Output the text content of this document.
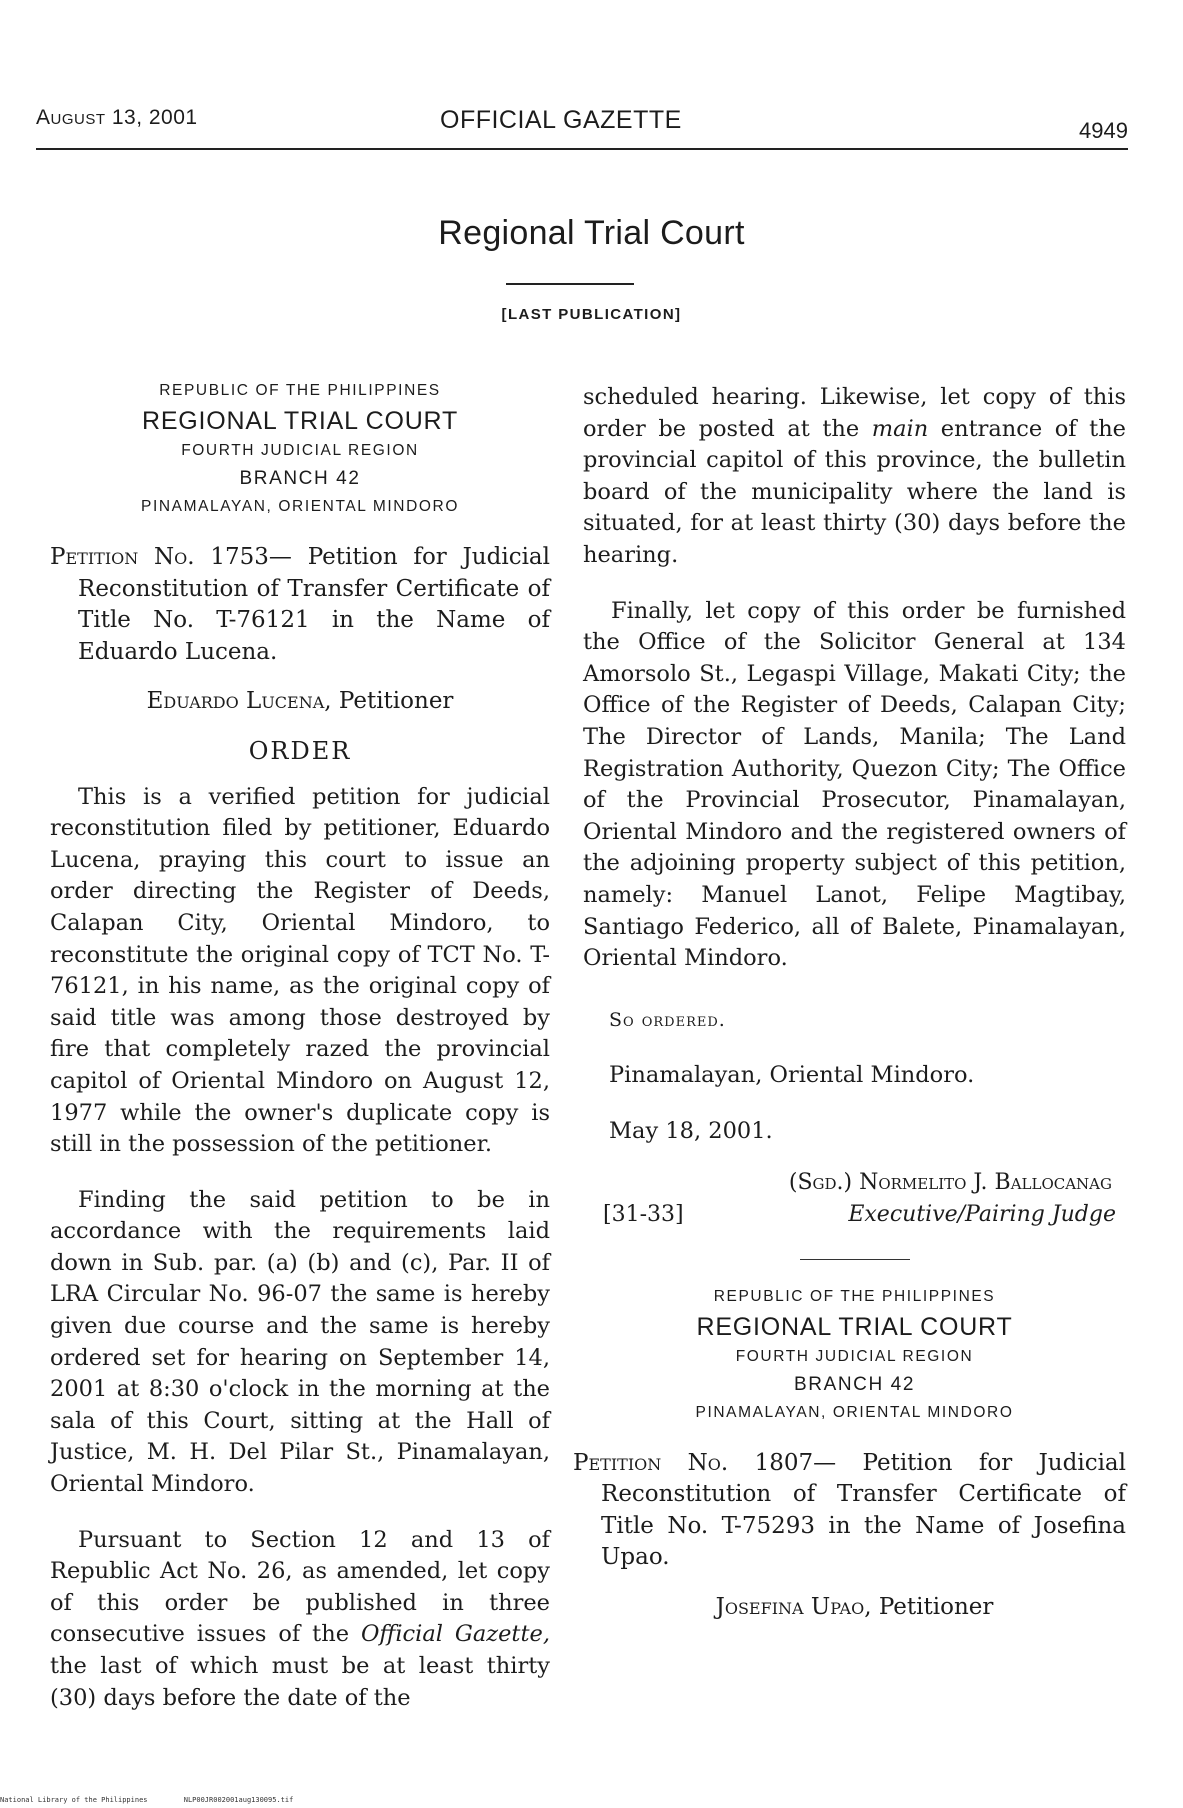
August 13, 2001	OFFICIAL GAZETTE	4949
Regional Trial Court
[LAST PUBLICATION]
REPUBLIC OF THE PHILIPPINES
REGIONAL TRIAL COURT
FOURTH JUDICIAL REGION
BRANCH 42
PINAMALAYAN, ORIENTAL MINDORO
Petition No. 1753— Petition for Judicial Reconstitution of Transfer Certificate of Title No. T-76121 in the Name of Eduardo Lucena.
Eduardo Lucena, Petitioner
ORDER

This is a verified petition for judicial reconstitution filed by petitioner, Eduardo Lucena, praying this court to issue an order directing the Register of Deeds, Calapan City, Oriental Mindoro, to reconstitute the original copy of TCT No. T-76121, in his name, as the original copy of said title was among those destroyed by fire that completely razed the provincial capitol of Oriental Mindoro on August 12, 1977 while the owner's duplicate copy is still in the possession of the petitioner.

Finding the said petition to be in accordance with the requirements laid down in Sub. par. (a) (b) and (c), Par. II of LRA Circular No. 96-07 the same is hereby given due course and the same is hereby ordered set for hearing on September 14, 2001 at 8:30 o'clock in the morning at the sala of this Court, sitting at the Hall of Justice, M. H. Del Pilar St., Pinamalayan, Oriental Mindoro.

Pursuant to Section 12 and 13 of Republic Act No. 26, as amended, let copy of this order be published in three consecutive issues of the Official Gazette, the last of which must be at least thirty (30) days before the date of the

scheduled hearing. Likewise, let copy of this order be posted at the main entrance of the provincial capitol of this province, the bulletin board of the municipality where the land is situated, for at least thirty (30) days before the hearing.

Finally, let copy of this order be furnished the Office of the Solicitor General at 134 Amorsolo St., Legaspi Village, Makati City; the Office of the Register of Deeds, Calapan City; The Director of Lands, Manila; The Land Registration Authority, Quezon City; The Office of the Provincial Prosecutor, Pinamalayan, Oriental Mindoro and the registered owners of the adjoining property subject of this petition, namely: Manuel Lanot, Felipe Magtibay, Santiago Federico, all of Balete, Pinamalayan, Oriental Mindoro.

So ordered.

Pinamalayan, Oriental Mindoro.

May 18, 2001.

(Sgd.) Normelito J. Ballocanag
[31-33]	Executive/Pairing Judge
REPUBLIC OF THE PHILIPPINES
REGIONAL TRIAL COURT
FOURTH JUDICIAL REGION
BRANCH 42
PINAMALAYAN, ORIENTAL MINDORO
Petition No. 1807— Petition for Judicial Reconstitution of Transfer Certificate of Title No. T-75293 in the Name of Josefina Upao.
Josefina Upao, Petitioner
National Library of the Philippines	NLP00JR002001aug130095.tif
